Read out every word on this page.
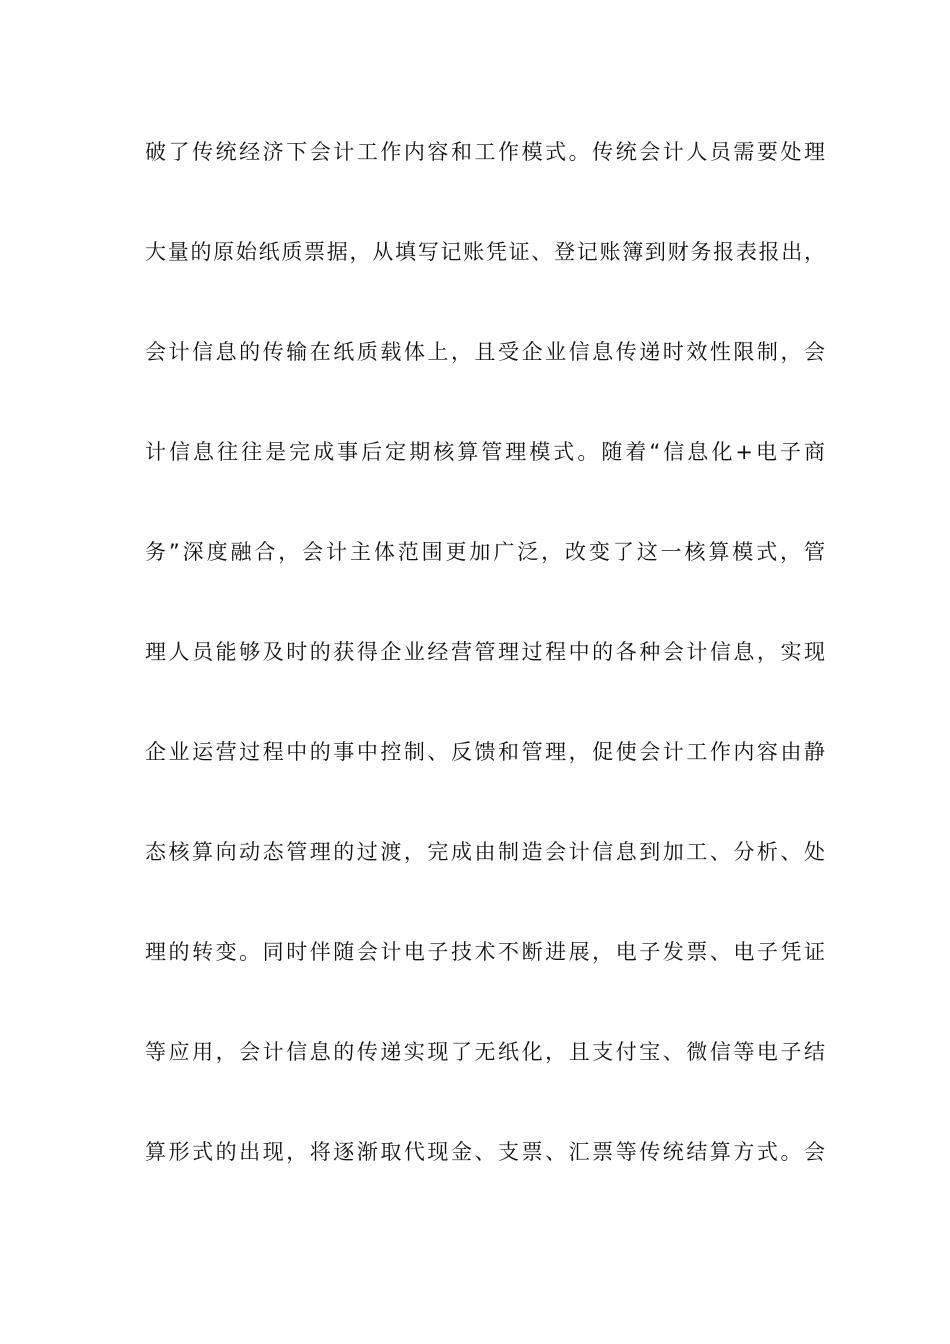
破了传统经济下会计工作内容和工作模式。传统会计人员需要处理
大量的原始纸质票据，从填写记账凭证、登记账簿到财务报表报出，
会计信息的传输在纸质载体上，且受企业信息传递时效性限制，会
计信息往往是完成事后定期核算管理模式。随着“信息化+电子商
务”深度融合，会计主体范围更加广泛，改变了这一核算模式，管
理人员能够及时的获得企业经营管理过程中的各种会计信息，实现
企业运营过程中的事中控制、反馈和管理，促使会计工作内容由静
态核算向动态管理的过渡，完成由制造会计信息到加工、分析、处
理的转变。同时伴随会计电子技术不断进展，电子发票、电子凭证
等应用，会计信息的传递实现了无纸化，且支付宝、微信等电子结
算形式的出现，将逐渐取代现金、支票、汇票等传统结算方式。会
